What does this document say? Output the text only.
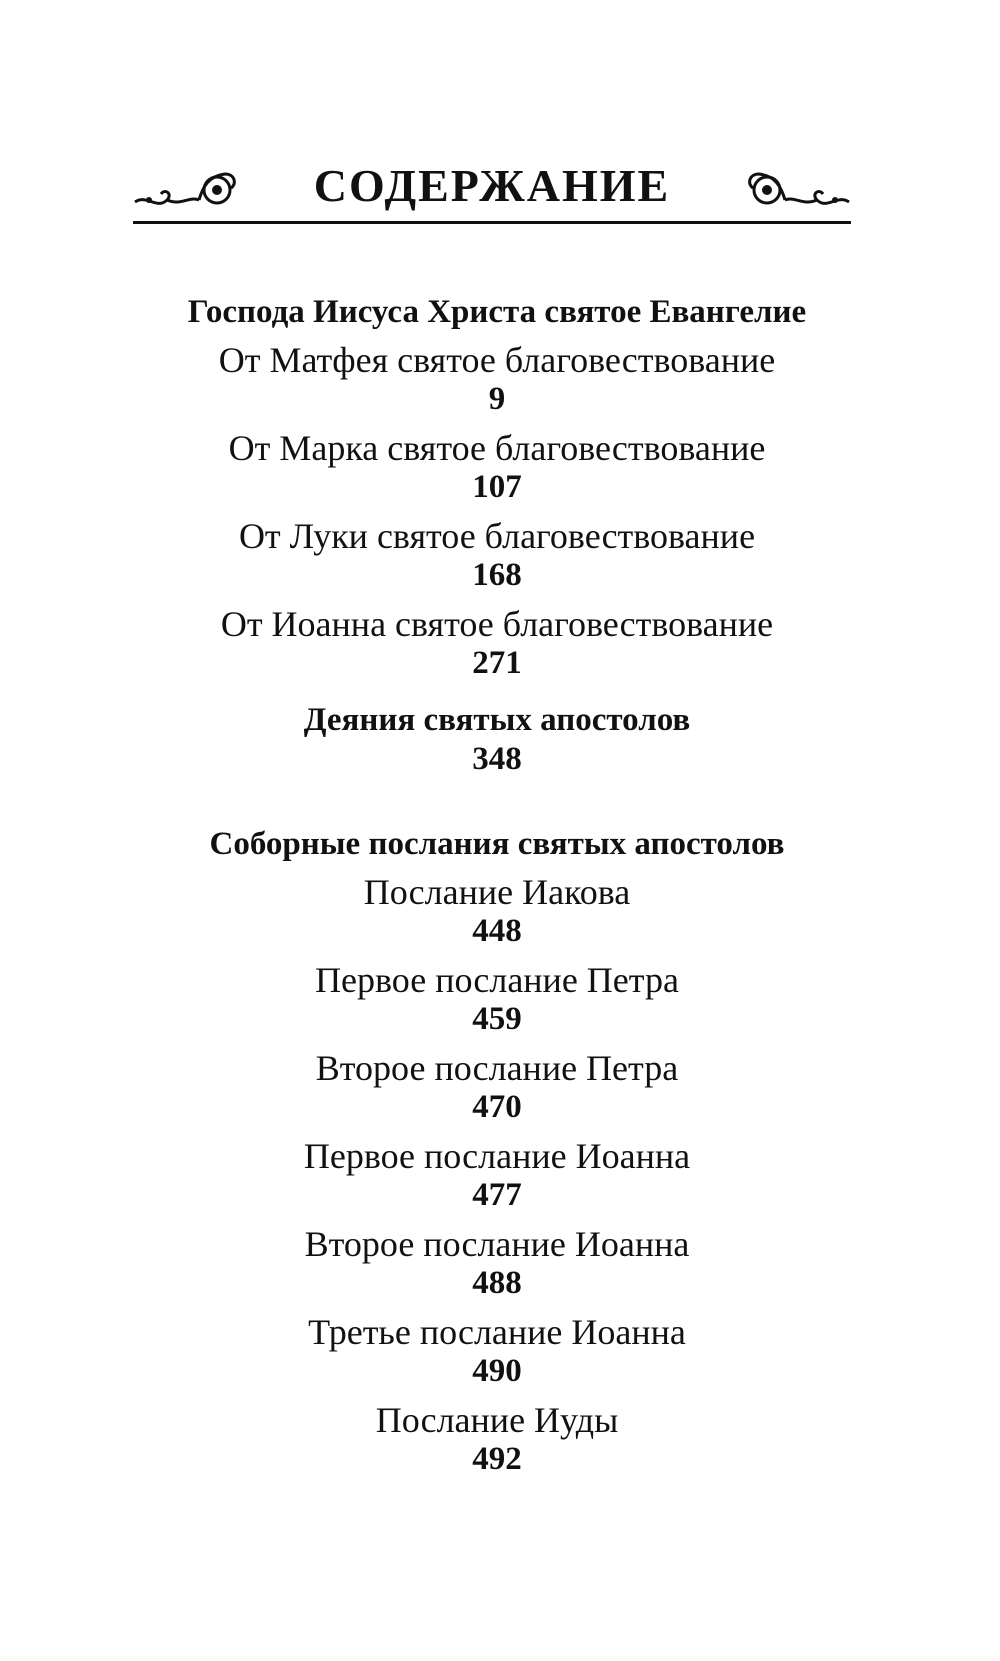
СОДЕРЖАНИЕ
Господа Иисуса Христа святое Евангелие
От Матфея святое благовествование
9
От Марка святое благовествование
107
От Луки святое благовествование
168
От Иоанна святое благовествование
271
Деяния святых апостолов
348
Соборные послания святых апостолов
Послание Иакова
448
Первое послание Петра
459
Второе послание Петра
470
Первое послание Иоанна
477
Второе послание Иоанна
488
Третье послание Иоанна
490
Послание Иуды
492
